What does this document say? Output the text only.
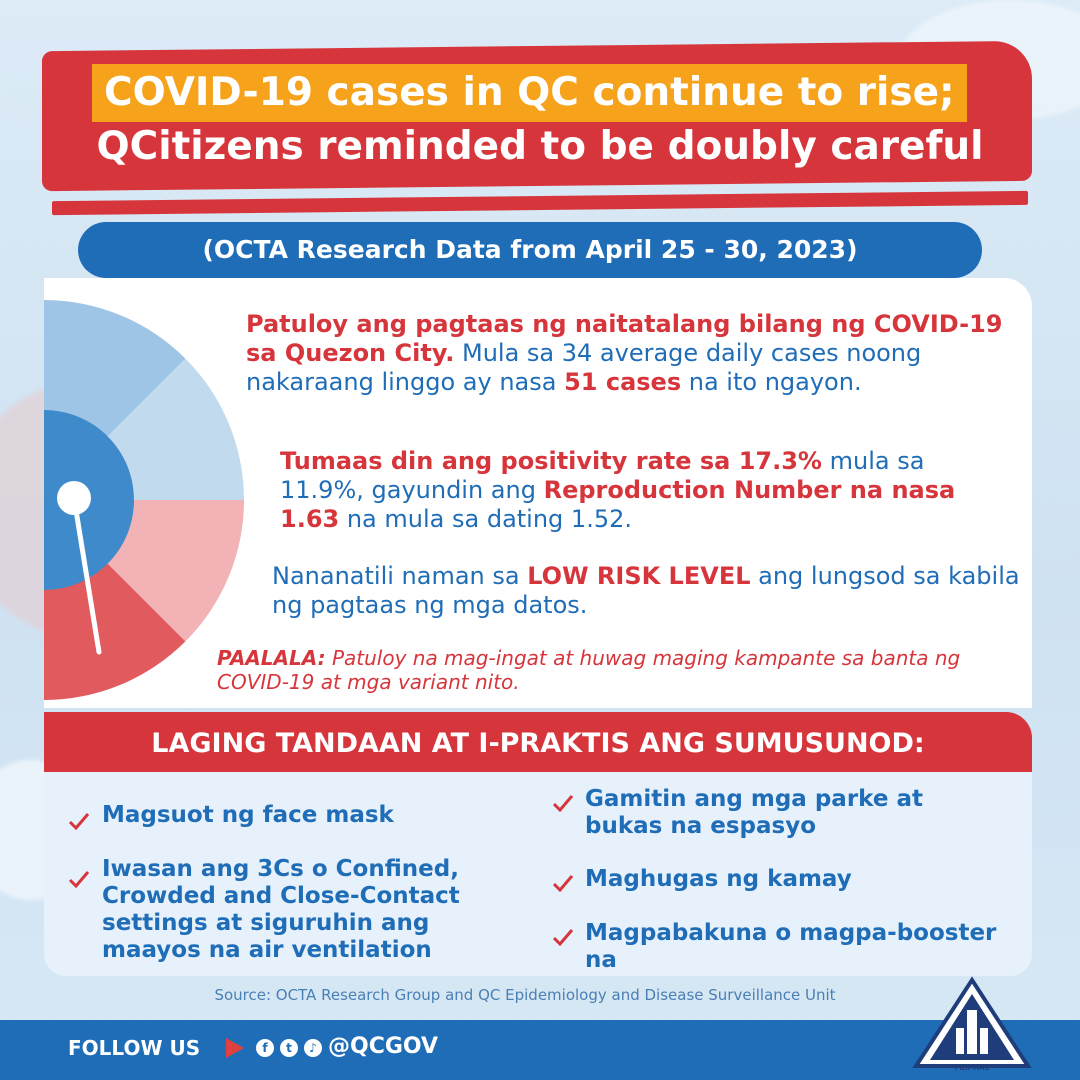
COVID-19 cases in QC continue to rise;
QCitizens reminded to be doubly careful
(OCTA Research Data from April 25 - 30, 2023)
Patuloy ang pagtaas ng naitatalang bilang ng COVID-19 sa Quezon City. Mula sa 34 average daily cases noong nakaraang linggo ay nasa 51 cases na ito ngayon.
Tumaas din ang positivity rate sa 17.3% mula sa 11.9%, gayundin ang Reproduction Number na nasa 1.63 na mula sa dating 1.52.
Nananatili naman sa LOW RISK LEVEL ang lungsod sa kabila ng pagtaas ng mga datos.
PAALALA: Patuloy na mag-ingat at huwag maging kampante sa banta ng COVID-19 at mga variant nito.
LAGING TANDAAN AT I-PRAKTIS ANG SUMUSUNOD:
Magsuot ng face mask
Iwasan ang 3Cs o Confined, Crowded and Close-Contact settings at siguruhin ang maayos na air ventilation
Gamitin ang mga parke at bukas na espasyo
Maghugas ng kamay
Magpabakuna o magpa-booster na
Source: OCTA Research Group and QC Epidemiology and Disease Surveillance Unit
FOLLOW US	f	t	♪ @QCGOV
PILIPINAS
